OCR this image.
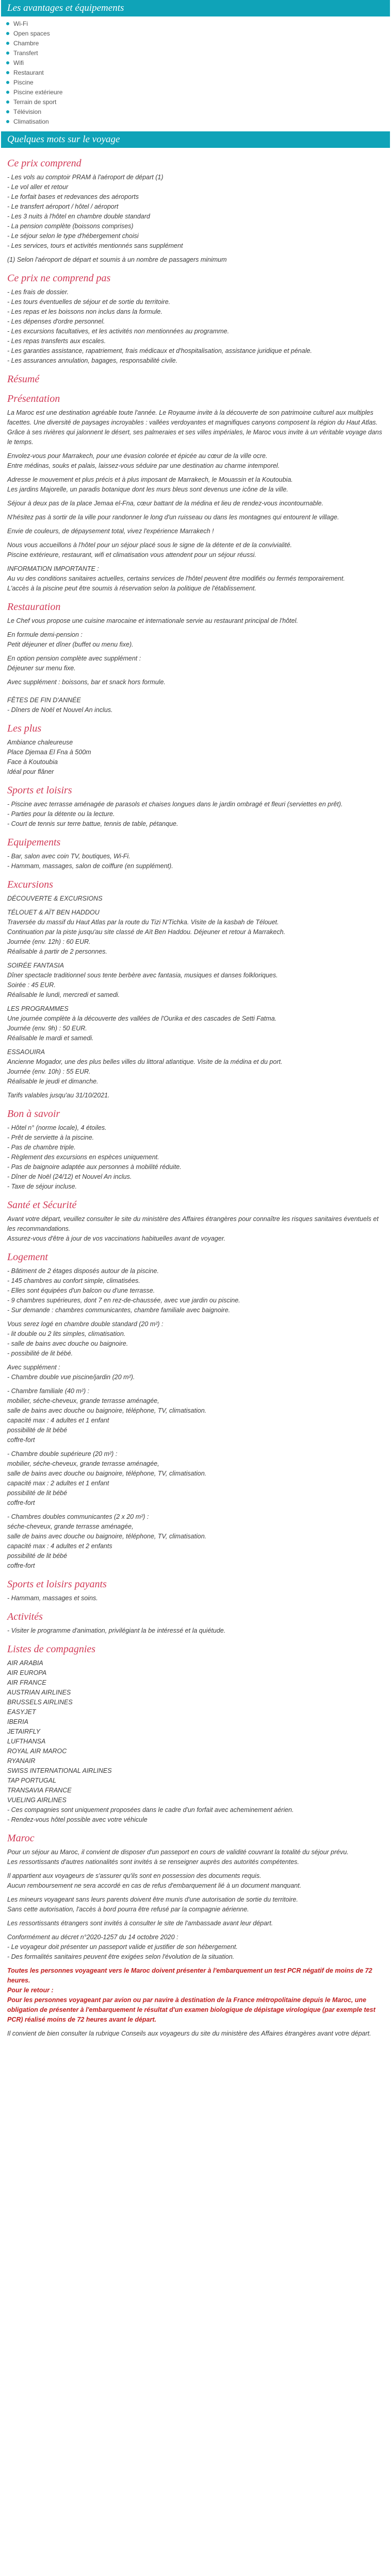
Les avantages et équipements
Wi-Fi
Open spaces
Chambre
Transfert
Wifi
Restaurant
Piscine
Piscine extérieure
Terrain de sport
Télévision
Climatisation
Quelques mots sur le voyage
Ce prix comprend

- Les vols au comptoir PRAM à l'aéroport de départ (1)

- Le vol aller et retour

- Le forfait bases et redevances des aéroports

- Le transfert aéroport / hôtel / aéroport

- Les 3 nuits à l'hôtel en chambre double standard

- La pension complète (boissons comprises)

- Le séjour selon le type d'hébergement choisi

- Les services, tours et activités mentionnés sans supplément

(1) Selon l'aéroport de départ et soumis à un nombre de passagers minimum

Ce prix ne comprend pas

- Les frais de dossier.

- Les tours éventuelles de séjour et de sortie du territoire.

- Les repas et les boissons non inclus dans la formule.

- Les dépenses d'ordre personnel.

- Les excursions facultatives, et les activités non mentionnées au programme.

- Les repas transferts aux escales.

- Les garanties assistance, rapatriement, frais médicaux et d'hospitalisation, assistance juridique et pénale.

- Les assurances annulation, bagages, responsabilité civile.

Résumé
Présentation

La Maroc est une destination agréable toute l'année. Le Royaume invite à la découverte de son patrimoine culturel aux multiples facettes. Une diversité de paysages incroyables : vallées verdoyantes et magnifiques canyons composent la région du Haut Atlas.

Grâce à ses rivières qui jalonnent le désert, ses palmeraies et ses villes impériales, le Maroc vous invite à un véritable voyage dans le temps.

Envolez-vous pour Marrakech, pour une évasion colorée et épicée au cœur de la ville ocre.

Entre médinas, souks et palais, laissez-vous séduire par une destination au charme intemporel.

Adresse le mouvement et plus précis et à plus imposant de Marrakech, le Mouassin et la Koutoubia.

Les jardins Majorelle, un paradis botanique dont les murs bleus sont devenus une icône de la ville.

Séjour à deux pas de la place Jemaa el-Fna, cœur battant de la médina et lieu de rendez-vous incontournable.

N'hésitez pas à sortir de la ville pour randonner le long d'un ruisseau ou dans les montagnes qui entourent le village.

Envie de couleurs, de dépaysement total, vivez l'expérience Marrakech !

Nous vous accueillons à l'hôtel pour un séjour placé sous le signe de la détente et de la convivialité.

Piscine extérieure, restaurant, wifi et climatisation vous attendent pour un séjour réussi.

INFORMATION IMPORTANTE :

Au vu des conditions sanitaires actuelles, certains services de l'hôtel peuvent être modifiés ou fermés temporairement.

L'accès à la piscine peut être soumis à réservation selon la politique de l'établissement.

Restauration

Le Chef vous propose une cuisine marocaine et internationale servie au restaurant principal de l'hôtel.

En formule demi-pension :

Petit déjeuner et dîner (buffet ou menu fixe).

En option pension complète avec supplément :

Déjeuner sur menu fixe.

Avec supplément : boissons, bar et snack hors formule.

FÊTES DE FIN D'ANNÉE

- Dîners de Noël et Nouvel An inclus.

Les plus

Ambiance chaleureuse

Place Djemaa El Fna à 500m

Face à Koutoubia

Idéal pour flâner

Sports et loisirs

- Piscine avec terrasse aménagée de parasols et chaises longues dans le jardin ombragé et fleuri (serviettes en prêt).

- Parties pour la détente ou la lecture.

- Court de tennis sur terre battue, tennis de table, pétanque.

Equipements

- Bar, salon avec coin TV, boutiques, Wi-Fi.

- Hammam, massages, salon de coiffure (en supplément).

Excursions

DÉCOUVERTE & EXCURSIONS

TÉLOUET & AÏT BEN HADDOU

Traversée du massif du Haut Atlas par la route du Tizi N'Tichka. Visite de la kasbah de Télouet.

Continuation par la piste jusqu'au site classé de Aït Ben Haddou. Déjeuner et retour à Marrakech.

Journée (env. 12h) : 60 EUR.

Réalisable à partir de 2 personnes.

SOIRÉE FANTASIA

Dîner spectacle traditionnel sous tente berbère avec fantasia, musiques et danses folkloriques.

Soirée : 45 EUR.

Réalisable le lundi, mercredi et samedi.

LES PROGRAMMES

Une journée complète à la découverte des vallées de l'Ourika et des cascades de Setti Fatma.

Journée (env. 9h) : 50 EUR.

Réalisable le mardi et samedi.

ESSAOUIRA

Ancienne Mogador, une des plus belles villes du littoral atlantique. Visite de la médina et du port.

Journée (env. 10h) : 55 EUR.

Réalisable le jeudi et dimanche.

Tarifs valables jusqu'au 31/10/2021.

Bon à savoir

- Hôtel n° (norme locale), 4 étoiles.

- Prêt de serviette à la piscine.

- Pas de chambre triple.

- Règlement des excursions en espèces uniquement.

- Pas de baignoire adaptée aux personnes à mobilité réduite.

- Dîner de Noël (24/12) et Nouvel An inclus.

- Taxe de séjour incluse.

Santé et Sécurité

Avant votre départ, veuillez consulter le site du ministère des Affaires étrangères pour connaître les risques sanitaires éventuels et les recommandations.

Assurez-vous d'être à jour de vos vaccinations habituelles avant de voyager.

Logement

- Bâtiment de 2 étages disposés autour de la piscine.

- 145 chambres au confort simple, climatisées.

- Elles sont équipées d'un balcon ou d'une terrasse.

- 9 chambres supérieures, dont 7 en rez-de-chaussée, avec vue jardin ou piscine.

- Sur demande : chambres communicantes, chambre familiale avec baignoire.

Vous serez logé en chambre double standard (20 m²) :

- lit double ou 2 lits simples, climatisation.

- salle de bains avec douche ou baignoire.

- possibilité de lit bébé.

Avec supplément :

- Chambre double vue piscine/jardin (20 m²).

- Chambre familiale (40 m²) :

mobilier, séche-cheveux, grande terrasse aménagée,

salle de bains avec douche ou baignoire, téléphone, TV, climatisation.

capacité max : 4 adultes et 1 enfant

possibilité de lit bébé

coffre-fort

- Chambre double supérieure (20 m²) :

mobilier, séche-cheveux, grande terrasse aménagée,

salle de bains avec douche ou baignoire, téléphone, TV, climatisation.

capacité max : 2 adultes et 1 enfant

possibilité de lit bébé

coffre-fort

- Chambres doubles communicantes (2 x 20 m²) :

séche-cheveux, grande terrasse aménagée,

salle de bains avec douche ou baignoire, téléphone, TV, climatisation.

capacité max : 4 adultes et 2 enfants

possibilité de lit bébé

coffre-fort

Sports et loisirs payants

- Hammam, massages et soins.

Activités

- Visiter le programme d'animation, privilégiant la be intéressé et la quiétude.

Listes de compagnies

AIR ARABIA

AIR EUROPA

AIR FRANCE

AUSTRIAN AIRLINES

BRUSSELS AIRLINES

EASYJET

IBERIA

JETAIRFLY

LUFTHANSA

ROYAL AIR MAROC

RYANAIR

SWISS INTERNATIONAL AIRLINES

TAP PORTUGAL

TRANSAVIA FRANCE

VUELING AIRLINES

- Ces compagnies sont uniquement proposées dans le cadre d'un forfait avec acheminement aérien.

- Rendez-vous hôtel possible avec votre véhicule

Maroc

Pour un séjour au Maroc, il convient de disposer d'un passeport en cours de validité couvrant la totalité du séjour prévu.

Les ressortissants d'autres nationalités sont invités à se renseigner auprès des autorités compétentes.

Il appartient aux voyageurs de s'assurer qu'ils sont en possession des documents requis.

Aucun remboursement ne sera accordé en cas de refus d'embarquement lié à un document manquant.

Les mineurs voyageant sans leurs parents doivent être munis d'une autorisation de sortie du territoire.

Sans cette autorisation, l'accès à bord pourra être refusé par la compagnie aérienne.

Les ressortissants étrangers sont invités à consulter le site de l'ambassade avant leur départ.

Conformément au décret n°2020-1257 du 14 octobre 2020 :

- Le voyageur doit présenter un passeport valide et justifier de son hébergement.

- Des formalités sanitaires peuvent être exigées selon l'évolution de la situation.

Toutes les personnes voyageant vers le Maroc doivent présenter à l'embarquement un test PCR négatif de moins de 72 heures.

Pour le retour :

Pour les personnes voyageant par avion ou par navire à destination de la France métropolitaine depuis le Maroc, une obligation de présenter à l'embarquement le résultat d'un examen biologique de dépistage virologique (par exemple test PCR) réalisé moins de 72 heures avant le départ.

Il convient de bien consulter la rubrique Conseils aux voyageurs du site du ministère des Affaires étrangères avant votre départ.
